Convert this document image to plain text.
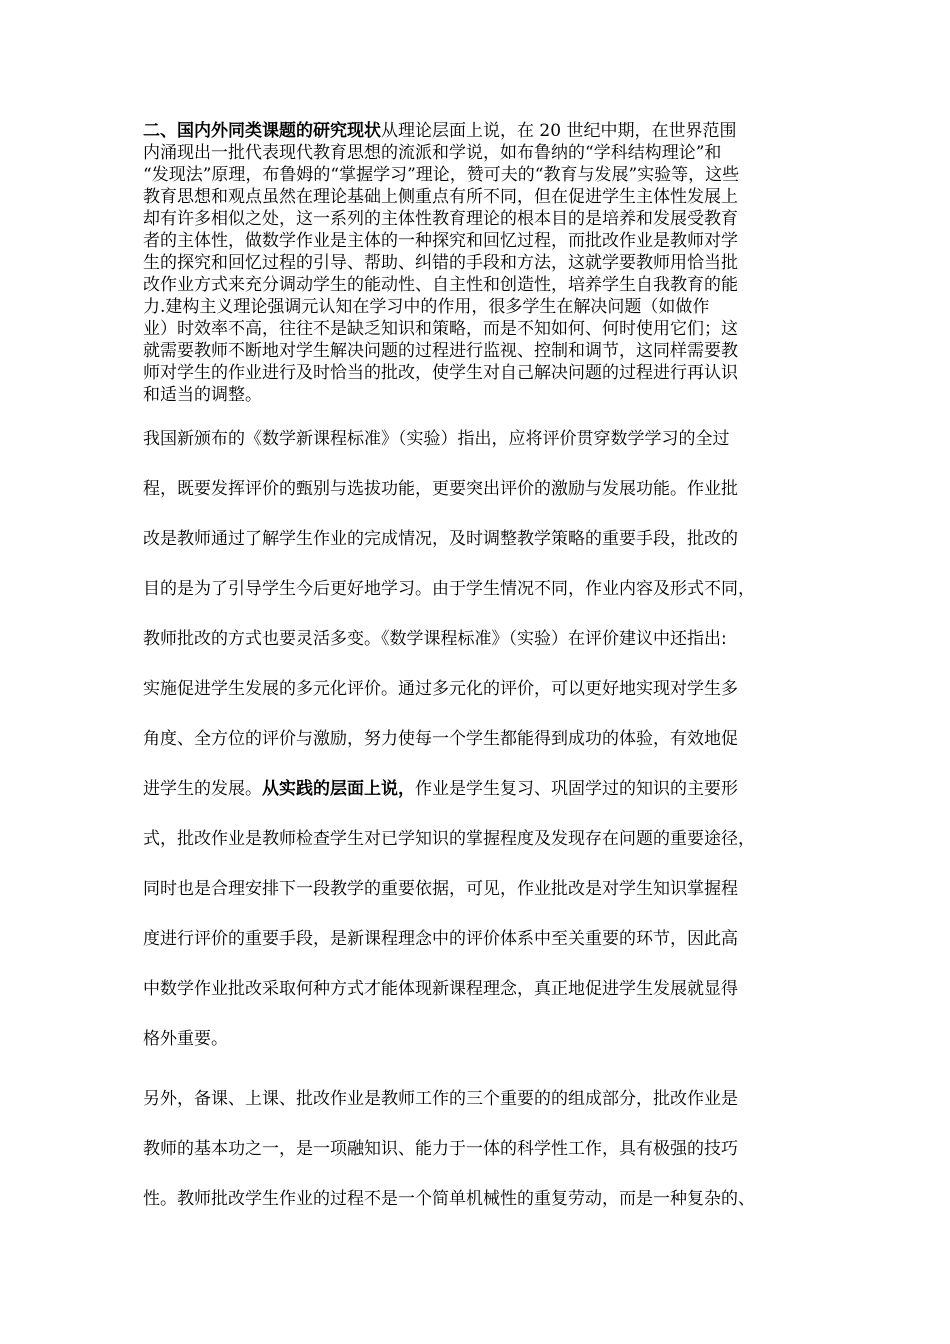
二、国内外同类课题的研究现状从理论层面上说，在 20 世纪中期，在世界范围
内涌现出一批代表现代教育思想的流派和学说，如布鲁纳的“学科结构理论”和
“发现法”原理，布鲁姆的“掌握学习”理论，赞可夫的“教育与发展”实验等，这些
教育思想和观点虽然在理论基础上侧重点有所不同，但在促进学生主体性发展上
却有许多相似之处，这一系列的主体性教育理论的根本目的是培养和发展受教育
者的主体性，做数学作业是主体的一种探究和回忆过程，而批改作业是教师对学
生的探究和回忆过程的引导、帮助、纠错的手段和方法，这就学要教师用恰当批
改作业方式来充分调动学生的能动性、自主性和创造性，培养学生自我教育的能
力.建构主义理论强调元认知在学习中的作用，很多学生在解决问题（如做作
业）时效率不高，往往不是缺乏知识和策略，而是不知如何、何时使用它们；这
就需要教师不断地对学生解决问题的过程进行监视、控制和调节，这同样需要教
师对学生的作业进行及时恰当的批改，使学生对自己解决问题的过程进行再认识
和适当的调整。

我国新颁布的《数学新课程标准》（实验）指出，应将评价贯穿数学学习的全过
程，既要发挥评价的甄别与选拔功能，更要突出评价的激励与发展功能。作业批
改是教师通过了解学生作业的完成情况，及时调整教学策略的重要手段，批改的
目的是为了引导学生今后更好地学习。由于学生情况不同，作业内容及形式不同，
教师批改的方式也要灵活多变。《数学课程标准》（实验）在评价建议中还指出:
实施促进学生发展的多元化评价。通过多元化的评价，可以更好地实现对学生多
角度、全方位的评价与激励，努力使每一个学生都能得到成功的体验，有效地促
进学生的发展。从实践的层面上说，作业是学生复习、巩固学过的知识的主要形
式，批改作业是教师检查学生对已学知识的掌握程度及发现存在问题的重要途径，
同时也是合理安排下一段教学的重要依据，可见，作业批改是对学生知识掌握程
度进行评价的重要手段，是新课程理念中的评价体系中至关重要的环节，因此高
中数学作业批改采取何种方式才能体现新课程理念，真正地促进学生发展就显得
格外重要。

另外，备课、上课、批改作业是教师工作的三个重要的的组成部分，批改作业是
教师的基本功之一，是一项融知识、能力于一体的科学性工作，具有极强的技巧
性。教师批改学生作业的过程不是一个简单机械性的重复劳动，而是一种复杂的、
